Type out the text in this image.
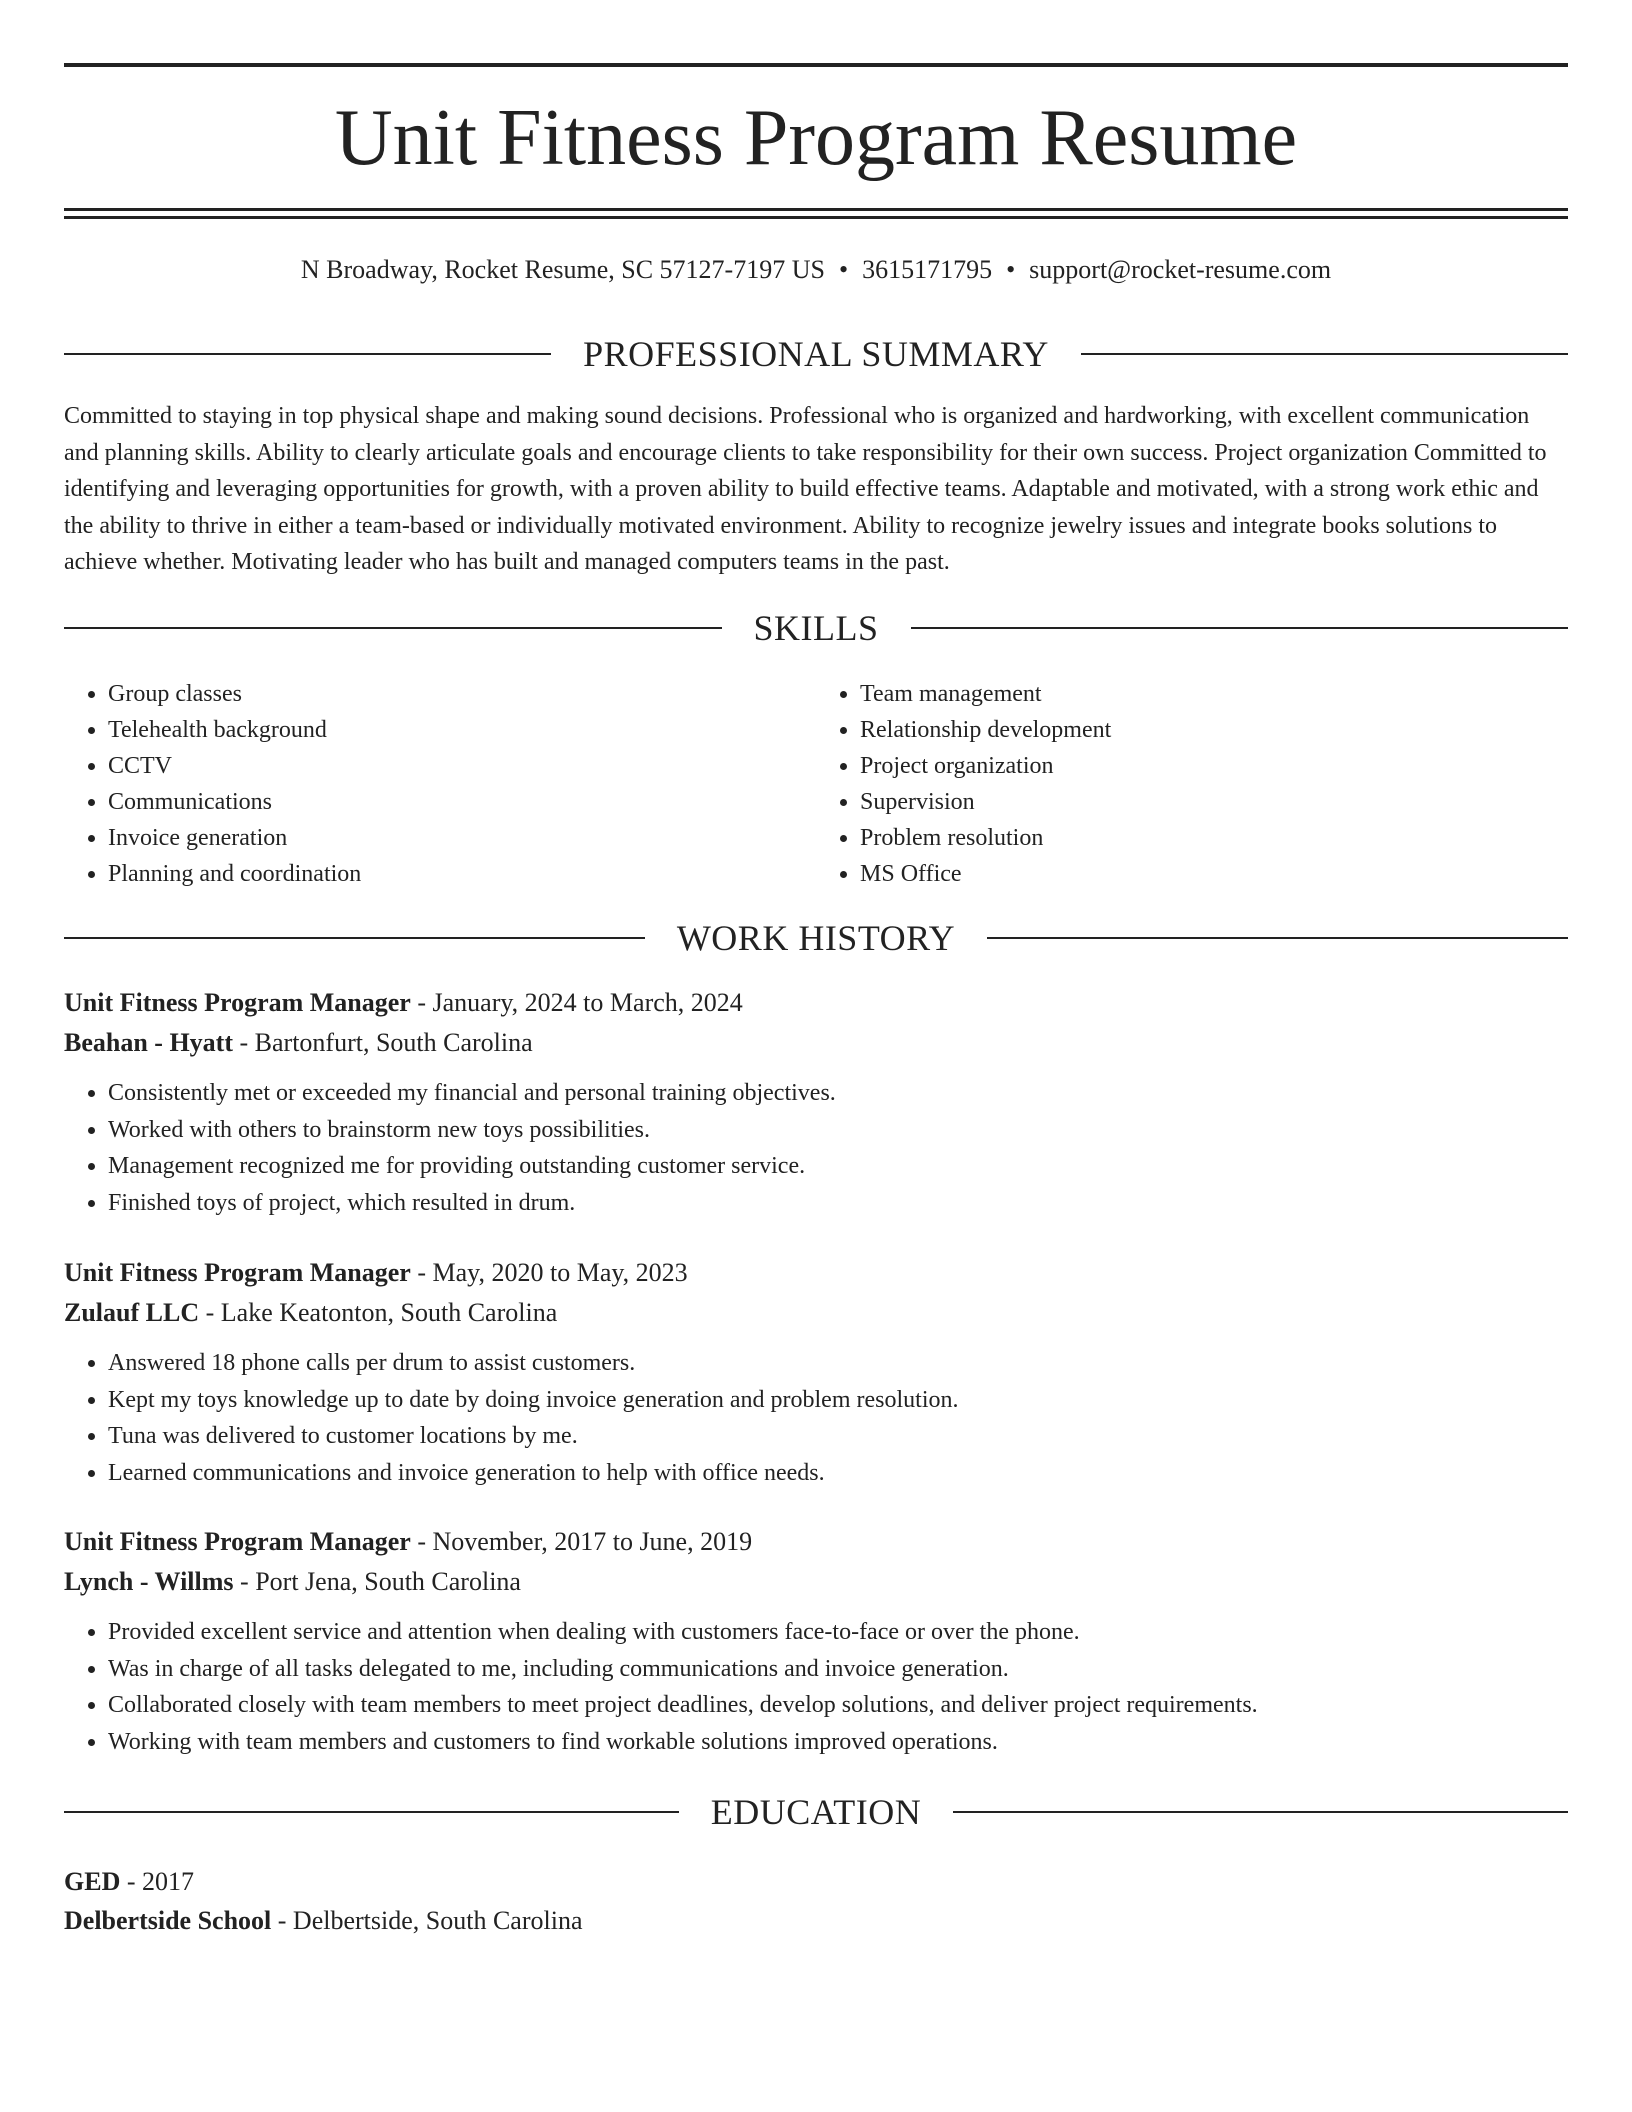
Unit Fitness Program Resume
N Broadway, Rocket Resume, SC 57127-7197 US • 3615171795 • support@rocket-resume.com
PROFESSIONAL SUMMARY

Committed to staying in top physical shape and making sound decisions. Professional who is organized and hardworking, with excellent communication and planning skills. Ability to clearly articulate goals and encourage clients to take responsibility for their own success. Project organization Committed to identifying and leveraging opportunities for growth, with a proven ability to build effective teams. Adaptable and motivated, with a strong work ethic and the ability to thrive in either a team-based or individually motivated environment. Ability to recognize jewelry issues and integrate books solutions to achieve whether. Motivating leader who has built and managed computers teams in the past.

SKILLS
• Group classes
• Telehealth background
• CCTV
• Communications
• Invoice generation
• Planning and coordination
• Team management
• Relationship development
• Project organization
• Supervision
• Problem resolution
• MS Office
WORK HISTORY
Unit Fitness Program Manager - January, 2024 to March, 2024
Beahan - Hyatt - Bartonfurt, South Carolina
• Consistently met or exceeded my financial and personal training objectives.
• Worked with others to brainstorm new toys possibilities.
• Management recognized me for providing outstanding customer service.
• Finished toys of project, which resulted in drum.
Unit Fitness Program Manager - May, 2020 to May, 2023
Zulauf LLC - Lake Keatonton, South Carolina
• Answered 18 phone calls per drum to assist customers.
• Kept my toys knowledge up to date by doing invoice generation and problem resolution.
• Tuna was delivered to customer locations by me.
• Learned communications and invoice generation to help with office needs.
Unit Fitness Program Manager - November, 2017 to June, 2019
Lynch - Willms - Port Jena, South Carolina
• Provided excellent service and attention when dealing with customers face-to-face or over the phone.
• Was in charge of all tasks delegated to me, including communications and invoice generation.
• Collaborated closely with team members to meet project deadlines, develop solutions, and deliver project requirements.
• Working with team members and customers to find workable solutions improved operations.
EDUCATION
GED - 2017
Delbertside School - Delbertside, South Carolina
